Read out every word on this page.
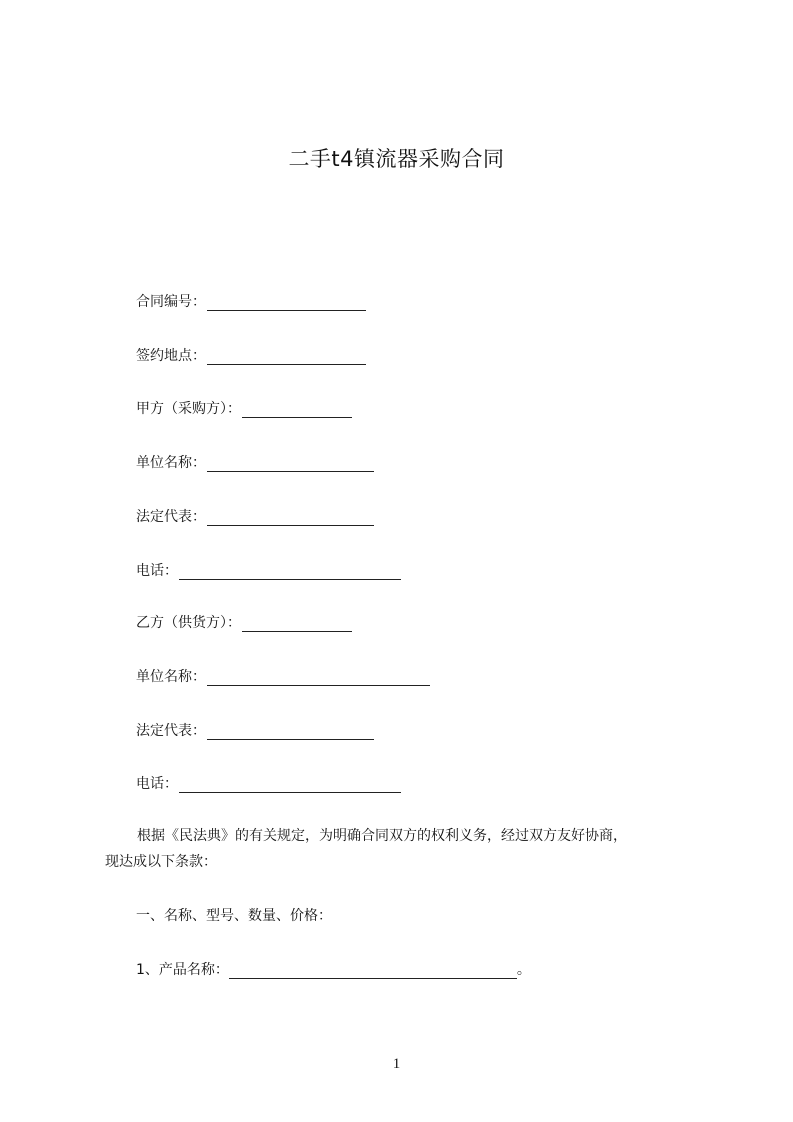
二手t4镇流器采购合同
合同编号：
签约地点：
甲方（采购方）：
单位名称：
法定代表：
电话：
乙方（供货方）：
单位名称：
法定代表：
电话：
根据《民法典》的有关规定，为明确合同双方的权利义务，经过双方友好协商，
现达成以下条款：
一、名称、型号、数量、价格：
1、产品名称：	。
1
